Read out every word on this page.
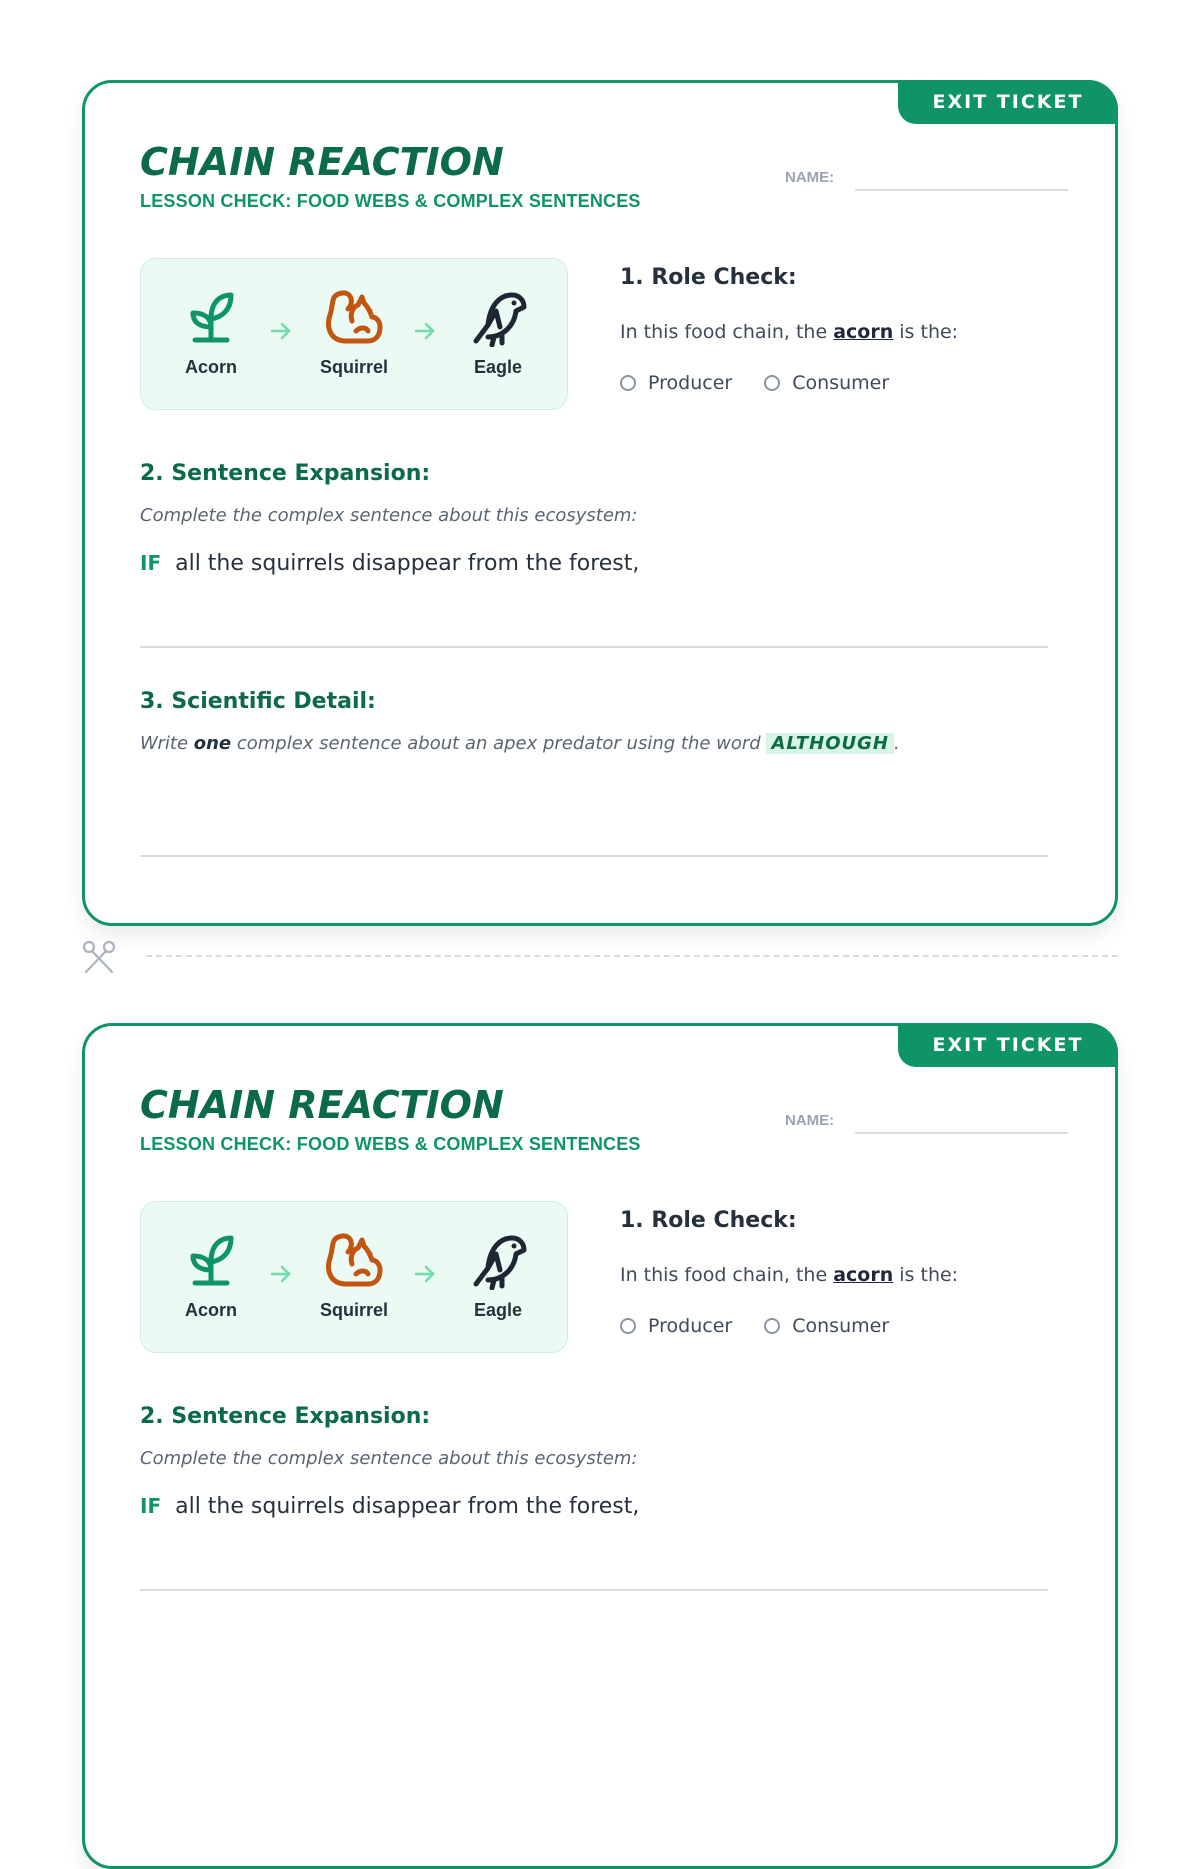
EXIT TICKET
CHAIN REACTION
LESSON CHECK: FOOD WEBS & COMPLEX SENTENCES
NAME:
Acorn	Squirrel	Eagle
1. Role Check:
In this food chain, the acorn is the:
Producer
	Consumer
2. Sentence Expansion:
Complete the complex sentence about this ecosystem:
IF all the squirrels disappear from the forest,
3. Scientific Detail:
Write one complex sentence about an apex predator using the word ALTHOUGH .
EXIT TICKET
CHAIN REACTION
LESSON CHECK: FOOD WEBS & COMPLEX SENTENCES
NAME:
Acorn	Squirrel	Eagle
1. Role Check:
In this food chain, the acorn is the:
Producer
	Consumer
2. Sentence Expansion:
Complete the complex sentence about this ecosystem:
IF all the squirrels disappear from the forest,
